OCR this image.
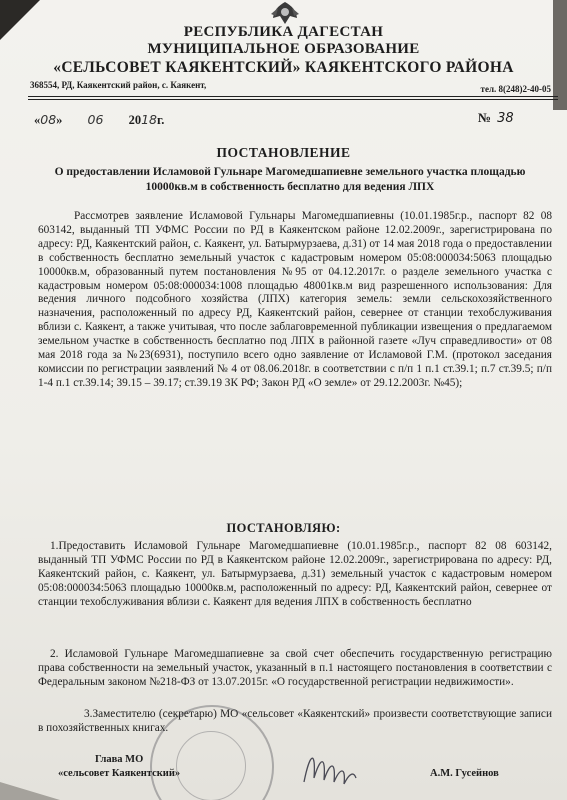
РЕСПУБЛИКА ДАГЕСТАН
МУНИЦИПАЛЬНОЕ ОБРАЗОВАНИЕ
«СЕЛЬСОВЕТ КАЯКЕНТСКИЙ» КАЯКЕНТСКОГО РАЙОНА
368554, РД, Каякентский район, с. Каякент,	тел. 8(248)2-40-05
«08» 06 2018г.	№ 38
ПОСТАНОВЛЕНИЕ
О предоставлении Исламовой Гульнаре Магомедшапиевне земельного участка площадью 10000кв.м в собственность бесплатно для ведения ЛПХ
Рассмотрев заявление Исламовой Гульнары Магомедшапиевны (10.01.1985г.р., паспорт 82 08 603142, выданный ТП УФМС России по РД в Каякентском районе 12.02.2009г., зарегистрирована по адресу: РД, Каякентский район, с. Каякент, ул. Батырмурзаева, д.31) от 14 мая 2018 года о предоставлении в собственность бесплатно земельный участок с кадастровым номером 05:08:000034:5063 площадью 10000кв.м, образованный путем постановления №95 от 04.12.2017г. о разделе земельного участка с кадастровым номером 05:08:000034:1008 площадью 48001кв.м вид разрешенного использования: Для ведения личного подсобного хозяйства (ЛПХ) категория земель: земли сельскохозяйственного назначения, расположенный по адресу РД, Каякентский район, севернее от станции техобслуживания вблизи с. Каякент, а также учитывая, что после заблаговременной публикации извещения о предлагаемом земельном участке в собственность бесплатно под ЛПХ в районной газете «Луч справедливости» от 08 мая 2018 года за №23(6931), поступило всего одно заявление от Исламовой Г.М. (протокол заседания комиссии по регистрации заявлений № 4 от 08.06.2018г. в соответствии с п/п 1 п.1 ст.39.1; п.7 ст.39.5; п/п 1-4 п.1 ст.39.14; 39.15 – 39.17; ст.39.19 ЗК РФ; Закон РД «О земле» от 29.12.2003г. №45);
ПОСТАНОВЛЯЮ:
1.Предоставить Исламовой Гульнаре Магомедшапиевне (10.01.1985г.р., паспорт 82 08 603142, выданный ТП УФМС России по РД в Каякентском районе 12.02.2009г., зарегистрирована по адресу: РД, Каякентский район, с. Каякент, ул. Батырмурзаева, д.31) земельный участок с кадастровым номером 05:08:000034:5063 площадью 10000кв.м, расположенный по адресу: РД, Каякентский район, севернее от станции техобслуживания вблизи с. Каякент для ведения ЛПХ в собственность бесплатно
2. Исламовой Гульнаре Магомедшапиевне за свой счет обеспечить государственную регистрацию права собственности на земельный участок, указанный в п.1 настоящего постановления в соответствии с Федеральным законом №218-ФЗ от 13.07.2015г. «О государственной регистрации недвижимости».
3.Заместителю (секретарю) МО «сельсовет «Каякентский» произвести соответствующие записи в похозяйственных книгах.
Глава МО
«сельсовет Каякентский»	А.М. Гусейнов
